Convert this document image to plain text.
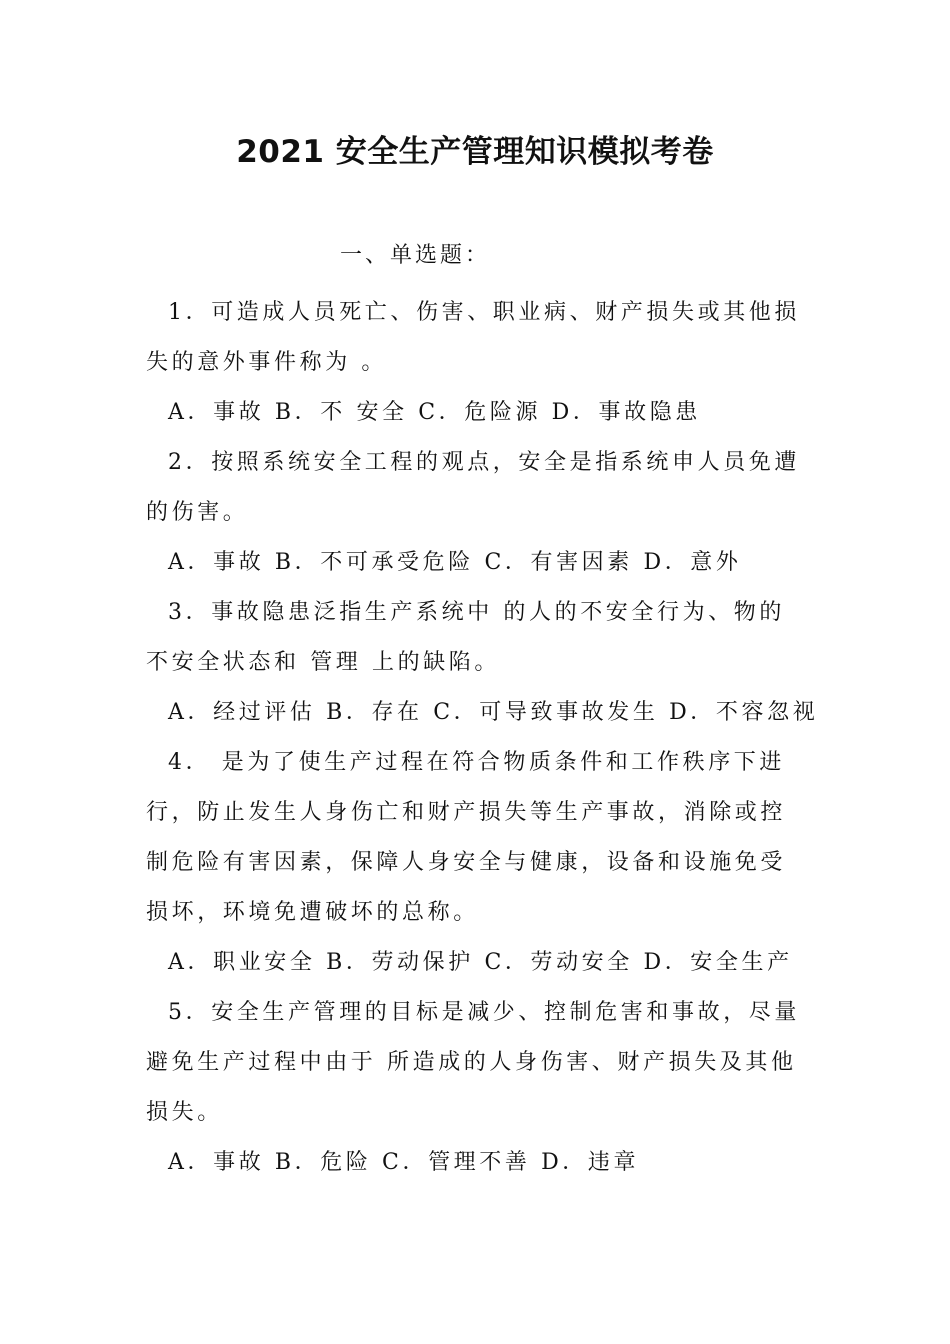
2021 安全生产管理知识模拟考卷

一、单选题：

1．可造成人员死亡、伤害、职业病、财产损失或其他损失的意外事件称为 。

A．事故 B．不 安全 C．危险源 D．事故隐患

2．按照系统安全工程的观点，安全是指系统申人员免遭的伤害。

A．事故 B．不可承受危险 C．有害因素 D．意外

3．事故隐患泛指生产系统中 的人的不安全行为、物的不安全状态和 管理 上的缺陷。

A．经过评估 B．存在 C．可导致事故发生 D．不容忽视

4． 是为了使生产过程在符合物质条件和工作秩序下进行，防止发生人身伤亡和财产损失等生产事故，消除或控制危险有害因素，保障人身安全与健康，设备和设施免受损坏，环境免遭破坏的总称。

A．职业安全 B．劳动保护 C．劳动安全 D．安全生产

5．安全生产管理的目标是减少、控制危害和事故，尽量避免生产过程中由于 所造成的人身伤害、财产损失及其他损失。

A．事故 B．危险 C．管理不善 D．违章
